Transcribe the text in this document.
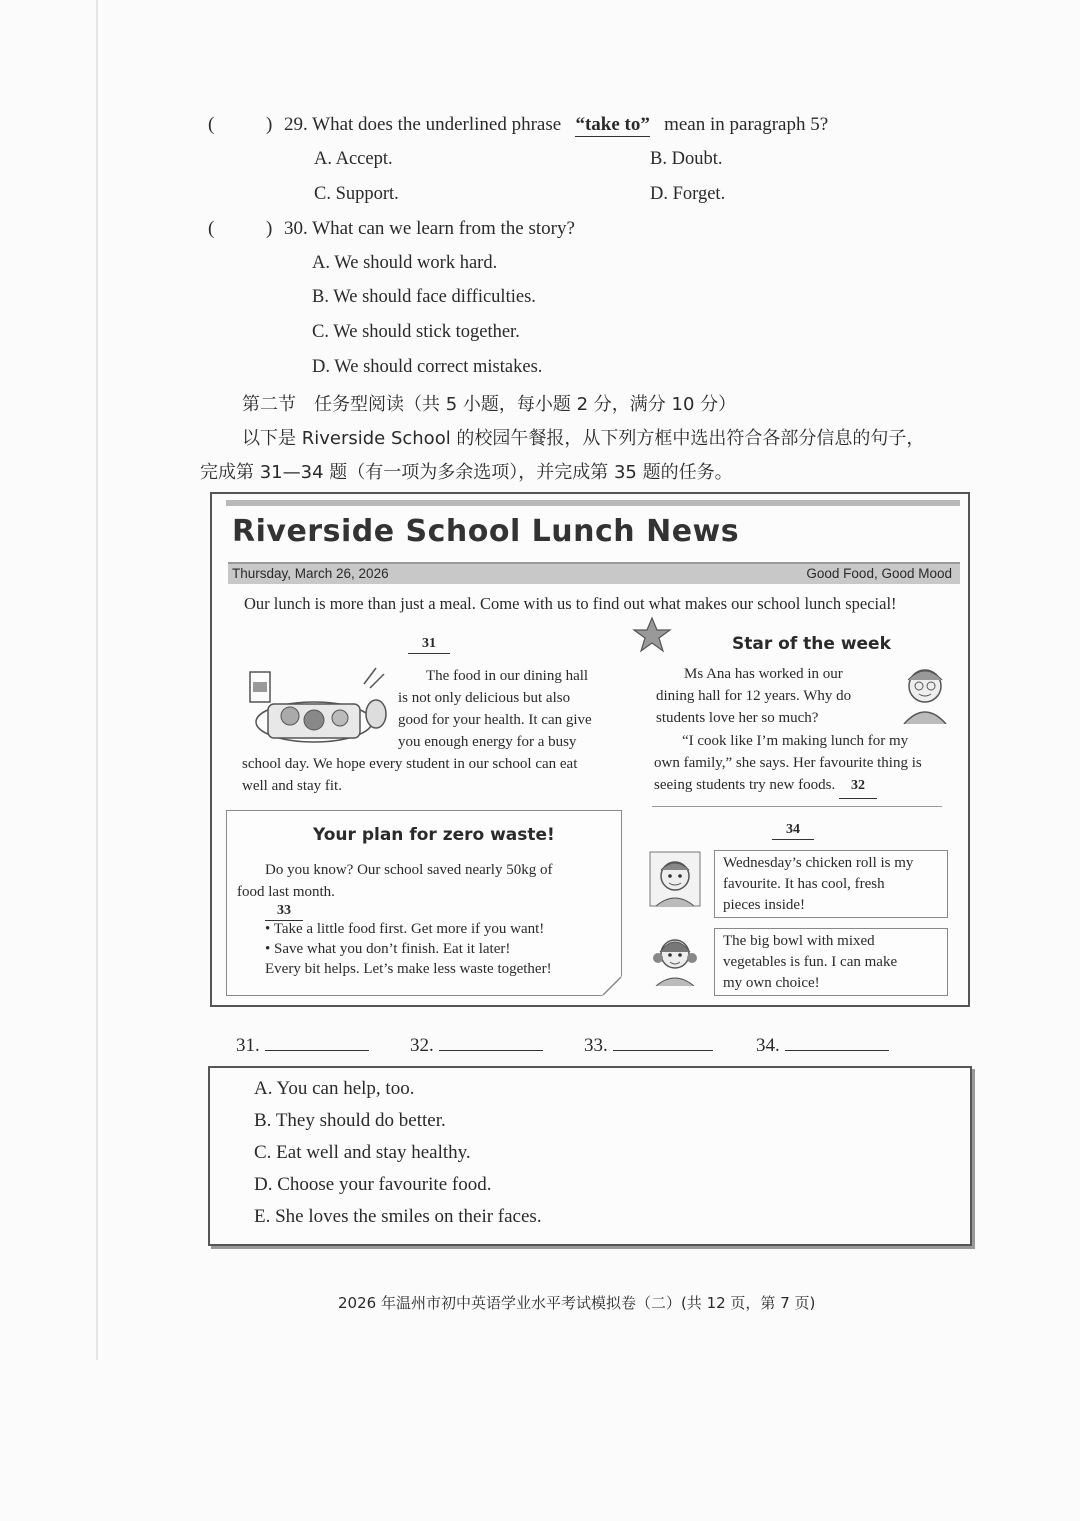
(	) 29. What does the underlined phrase “take to” mean in paragraph 5?
A. Accept.	B. Doubt.
C. Support.	D. Forget.
(	) 30. What can we learn from the story?
A. We should work hard.
B. We should face difficulties.
C. We should stick together.
D. We should correct mistakes.
第二节　任务型阅读（共 5 小题，每小题 2 分，满分 10 分）
以下是 Riverside School 的校园午餐报，从下列方框中选出符合各部分信息的句子，
完成第 31—34 题（有一项为多余选项），并完成第 35 题的任务。
Riverside School Lunch News
Thursday, March 26, 2026	Good Food, Good Mood
Our lunch is more than just a meal. Come with us to find out what makes our school lunch special!
31
The food in our dining hall
is not only delicious but also
good for your health. It can give
you enough energy for a busy
school day. We hope every student in our school can eat
well and stay fit.
Star of the week
Ms Ana has worked in our
dining hall for 12 years. Why do
students love her so much?
“I cook like I’m making lunch for my
own family,” she says. Her favourite thing is
seeing students try new foods. 32
Your plan for zero waste!
Do you know? Our school saved nearly 50kg of
food last month.
33
• Take a little food first. Get more if you want!
• Save what you don’t finish. Eat it later!
Every bit helps. Let’s make less waste together!
34
Wednesday’s chicken roll is my
favourite. It has cool, fresh
pieces inside!
The big bowl with mixed
vegetables is fun. I can make
my own choice!
31.	32.	33.	34.
A. You can help, too.
B. They should do better.
C. Eat well and stay healthy.
D. Choose your favourite food.
E. She loves the smiles on their faces.
2026 年温州市初中英语学业水平考试模拟卷（二）(共 12 页，第 7 页)
